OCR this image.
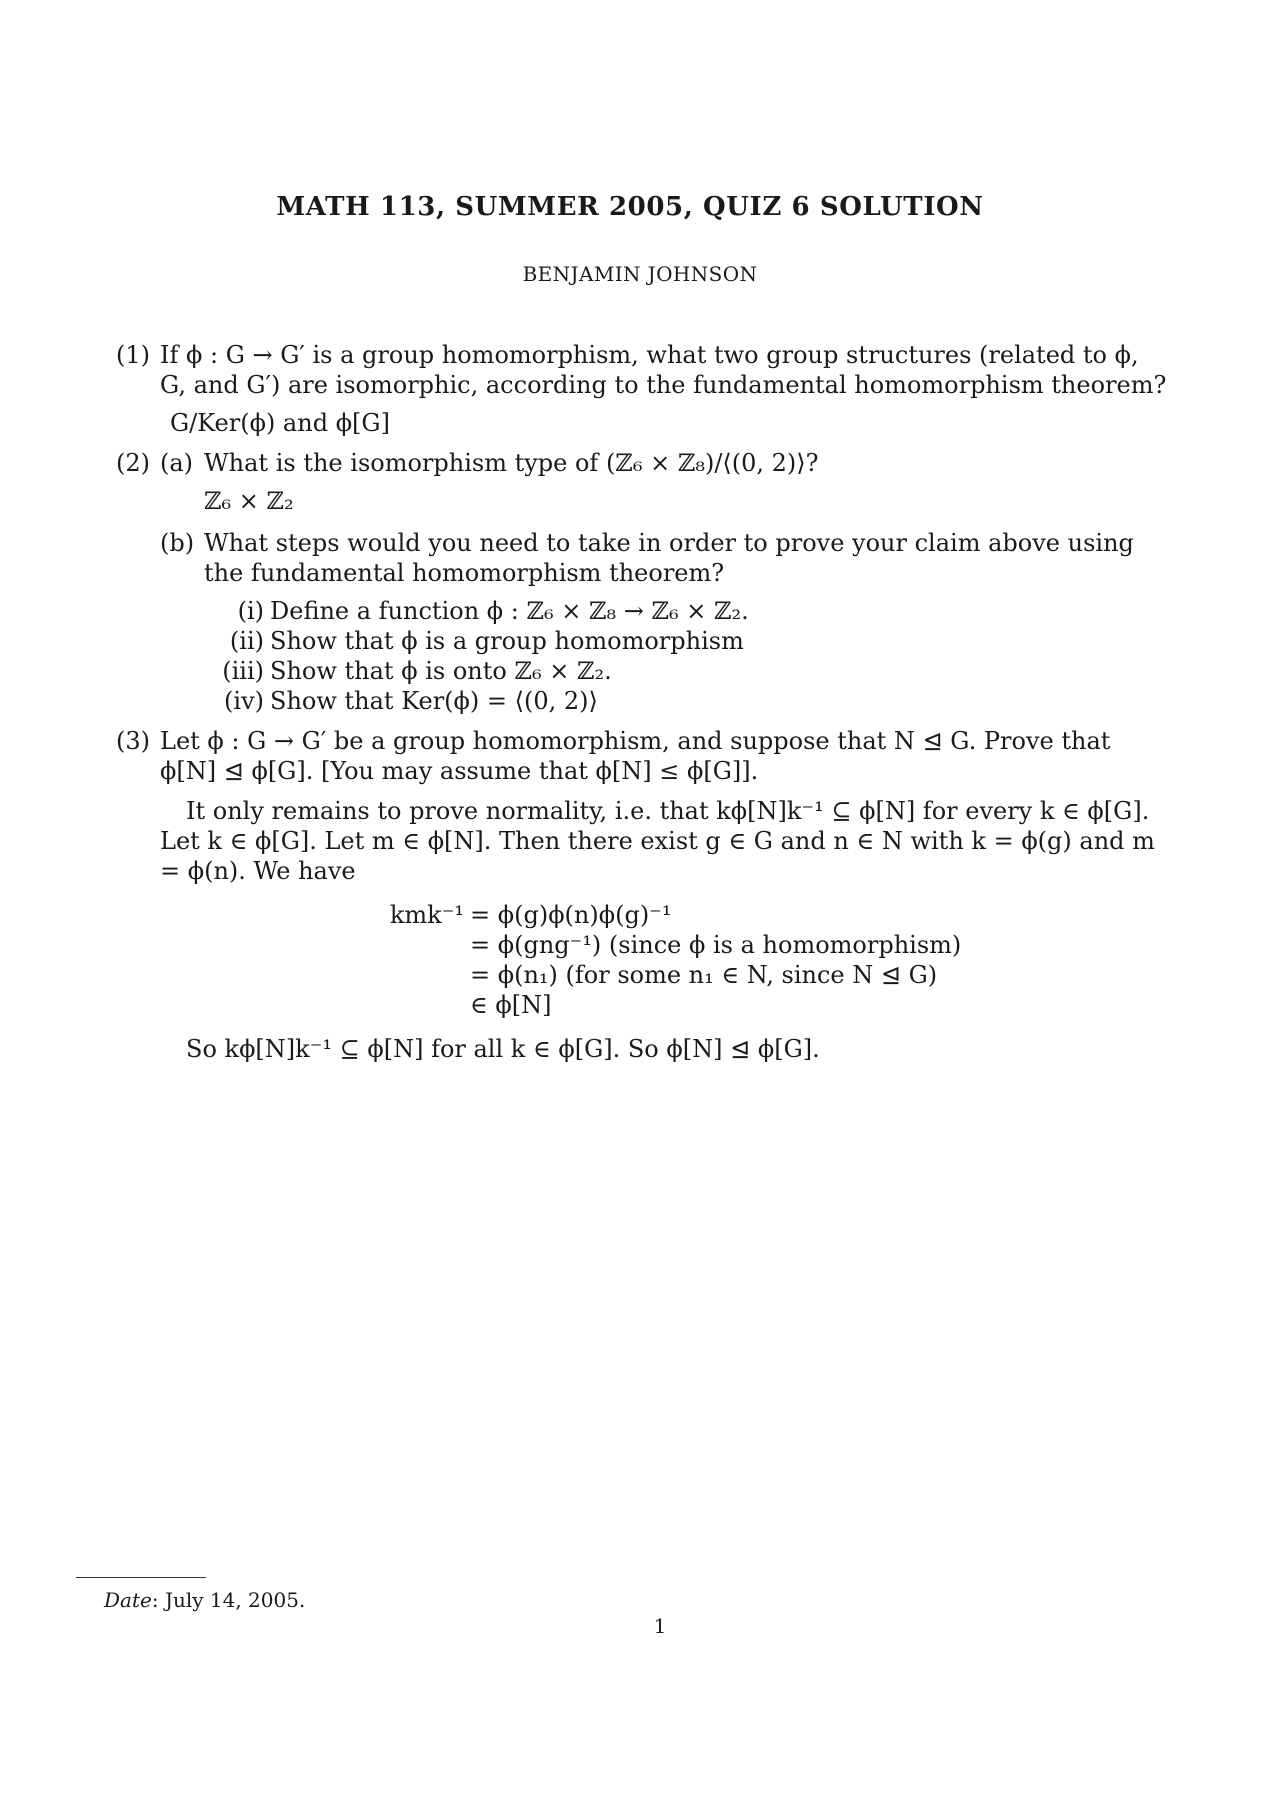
MATH 113, SUMMER 2005, QUIZ 6 SOLUTION
BENJAMIN JOHNSON
(1) If ϕ : G → G′ is a group homomorphism, what two group structures (related to ϕ, G, and G′) are isomorphic, according to the fundamental homomorphism theorem?
G/Ker(ϕ) and ϕ[G]
(2) (a) What is the isomorphism type of (ℤ₆ × ℤ₈)/⟨(0, 2)⟩?
ℤ₆ × ℤ₂
(b) What steps would you need to take in order to prove your claim above using the fundamental homomorphism theorem?
(i) Define a function ϕ : ℤ₆ × ℤ₈ → ℤ₆ × ℤ₂.
(ii) Show that ϕ is a group homomorphism
(iii) Show that ϕ is onto ℤ₆ × ℤ₂.
(iv) Show that Ker(ϕ) = ⟨(0, 2)⟩
(3) Let ϕ : G → G′ be a group homomorphism, and suppose that N ⊴ G. Prove that ϕ[N] ⊴ ϕ[G]. [You may assume that ϕ[N] ≤ ϕ[G]].
It only remains to prove normality, i.e. that kϕ[N]k⁻¹ ⊆ ϕ[N] for every k ∈ ϕ[G]. Let k ∈ ϕ[G]. Let m ∈ ϕ[N]. Then there exist g ∈ G and n ∈ N with k = ϕ(g) and m = ϕ(n). We have
kmk⁻¹ = ϕ(g)ϕ(n)ϕ(g)⁻¹
= ϕ(gng⁻¹) (since ϕ is a homomorphism)
= ϕ(n₁) (for some n₁ ∈ N, since N ⊴ G)
∈ ϕ[N]
So kϕ[N]k⁻¹ ⊆ ϕ[N] for all k ∈ ϕ[G]. So ϕ[N] ⊴ ϕ[G].
Date: July 14, 2005.
1
